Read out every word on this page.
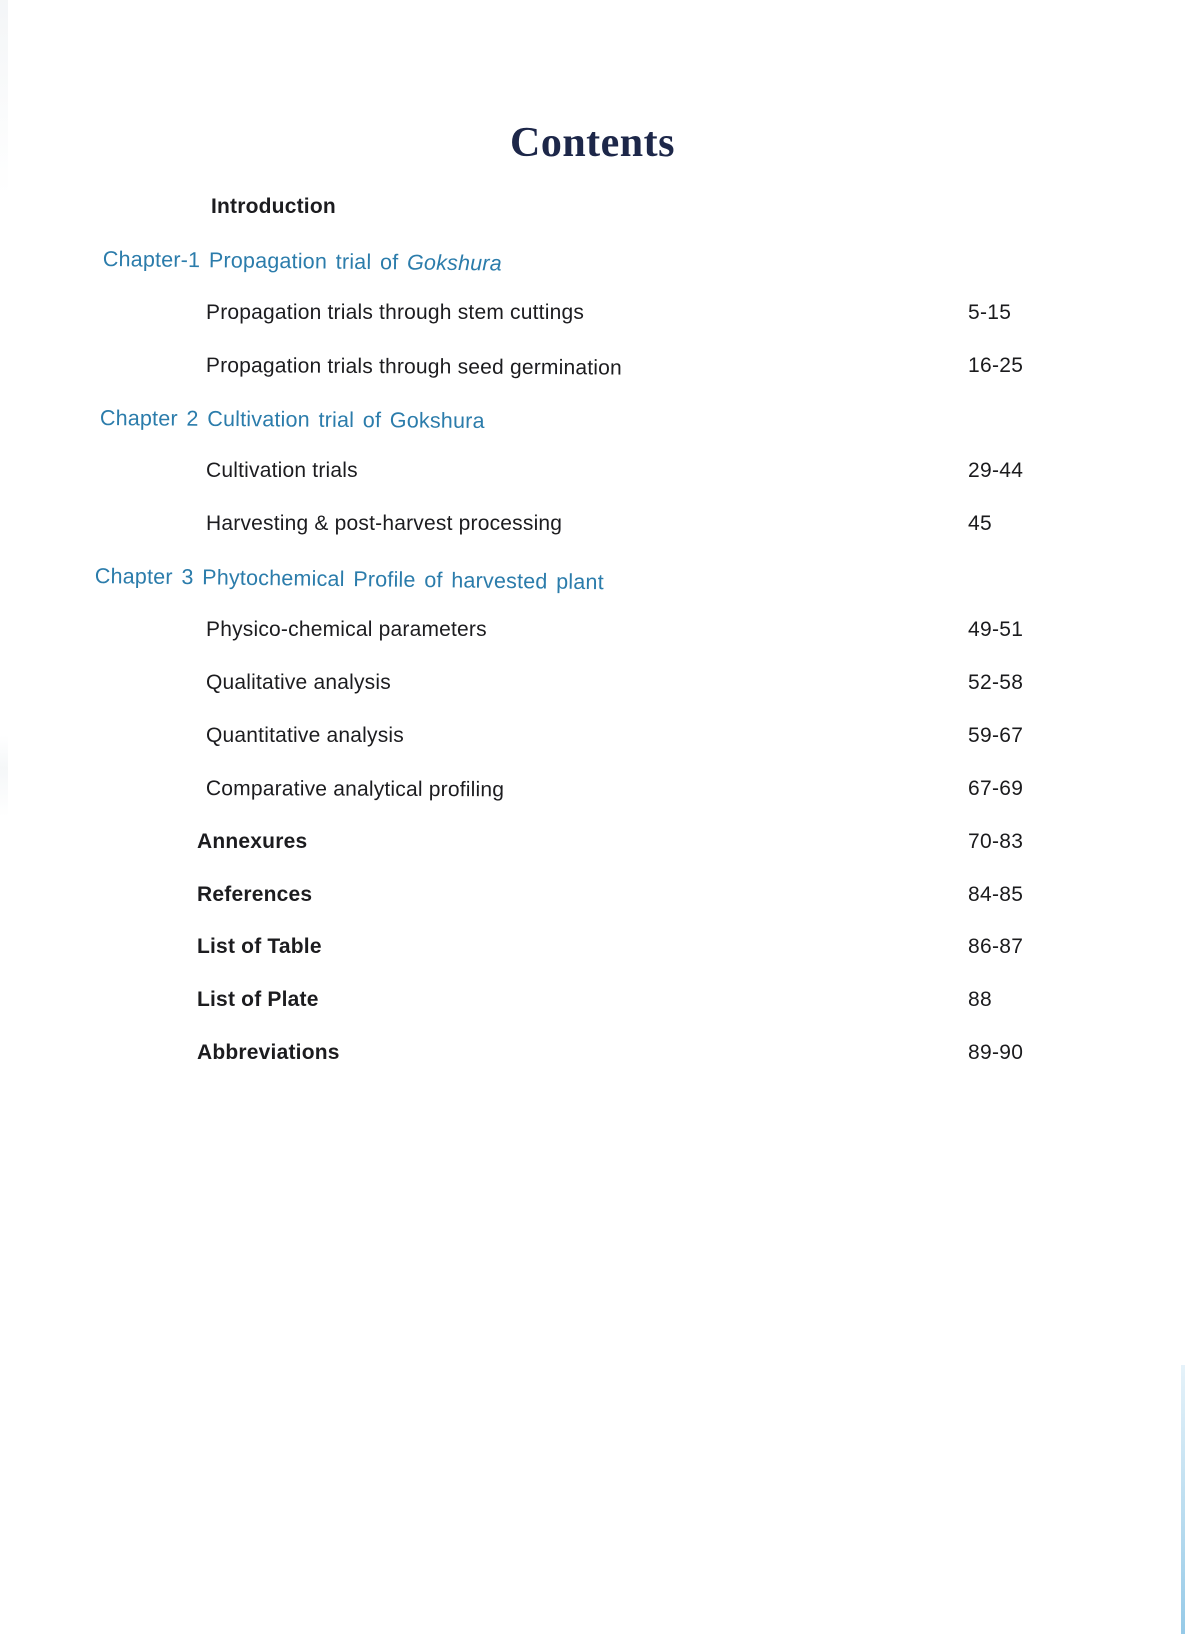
Contents
Introduction
Chapter-1 Propagation trial of Gokshura
Propagation trials through stem cuttings	5-15
Propagation trials through seed germination	16-25
Chapter 2 Cultivation trial of Gokshura
Cultivation trials	29-44
Harvesting & post-harvest processing	45
Chapter 3 Phytochemical Profile of harvested plant
Physico-chemical parameters	49-51
Qualitative analysis	52-58
Quantitative analysis	59-67
Comparative analytical profiling	67-69
Annexures	70-83
References	84-85
List of Table	86-87
List of Plate	88
Abbreviations	89-90
